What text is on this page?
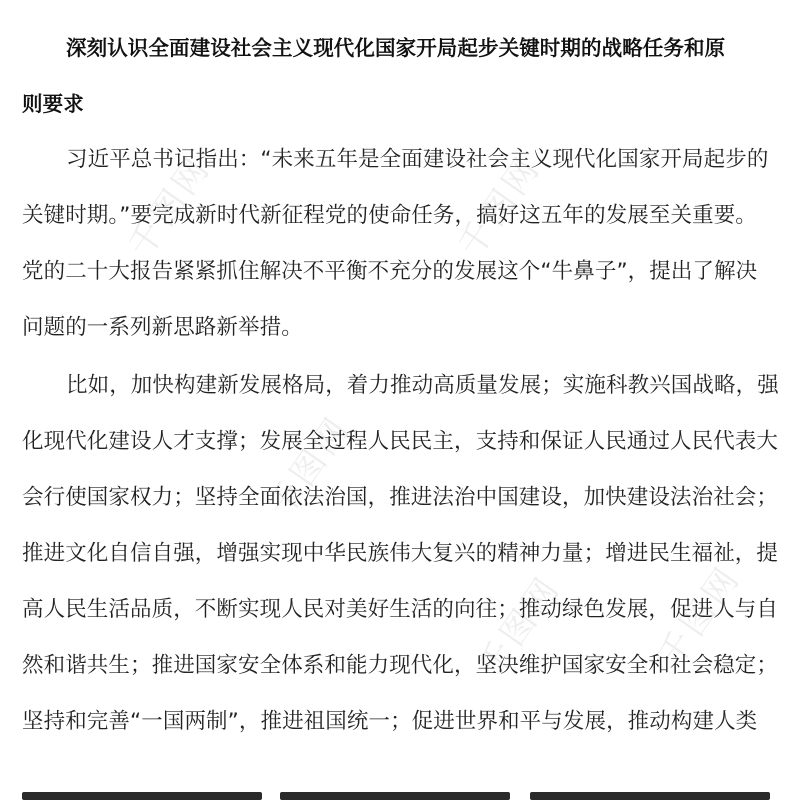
千图网	千图网
千图网
千图网 千图网
深刻认识全面建设社会主义现代化国家开局起步关键时期的战略任务和原
则要求
习近平总书记指出：“未来五年是全面建设社会主义现代化国家开局起步的
关键时期。”要完成新时代新征程党的使命任务，搞好这五年的发展至关重要。
党的二十大报告紧紧抓住解决不平衡不充分的发展这个“牛鼻子”，提出了解决
问题的一系列新思路新举措。
比如，加快构建新发展格局，着力推动高质量发展；实施科教兴国战略，强
化现代化建设人才支撑；发展全过程人民民主，支持和保证人民通过人民代表大
会行使国家权力；坚持全面依法治国，推进法治中国建设，加快建设法治社会；
推进文化自信自强，增强实现中华民族伟大复兴的精神力量；增进民生福祉，提
高人民生活品质，不断实现人民对美好生活的向往；推动绿色发展，促进人与自
然和谐共生；推进国家安全体系和能力现代化，坚决维护国家安全和社会稳定；
坚持和完善“一国两制”，推进祖国统一；促进世界和平与发展，推动构建人类
